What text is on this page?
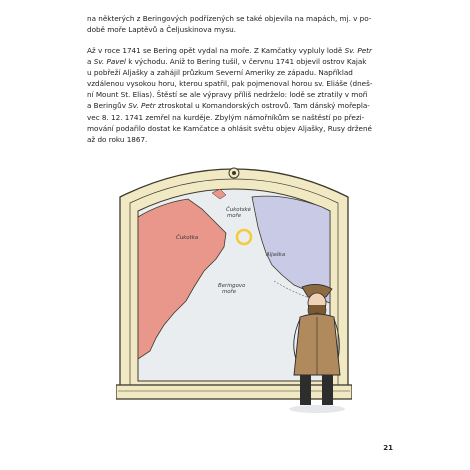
na některých z Beringových podřízených se také objevila na mapách, mj. v po-
době moře Laptěvů a Čeljuskinova mysu.

Až v roce 1741 se Bering opět vydal na moře. Z Kamčatky vypluly lodě Sv. Petr
a Sv. Pavel k východu. Aniž to Bering tušil, v červnu 1741 objevil ostrov Kajak
u pobřeží Aljašky a zahájil průzkum Severní Ameriky ze západu. Například
vzdálenou vysokou horu, kterou spatřil, pak pojmenoval horou sv. Eliáše (dneš-
ní Mount St. Elias). Štěstí se ale výpravy příliš nedrželo: lodě se ztratily v moři
a Beringův Sv. Petr ztroskotal u Komandorských ostrovů. Tam dánský mořepla-
vec 8. 12. 1741 zemřel na kurděje. Zbylým námořníkům se naštěstí po přezi-
mování podařilo dostat ke Kamčatce a ohlásit světu objev Aljašky, Rusy držené
až do roku 1867.

Čukotské moře
Čukotka
Aljaška
Beringovo moře
21
